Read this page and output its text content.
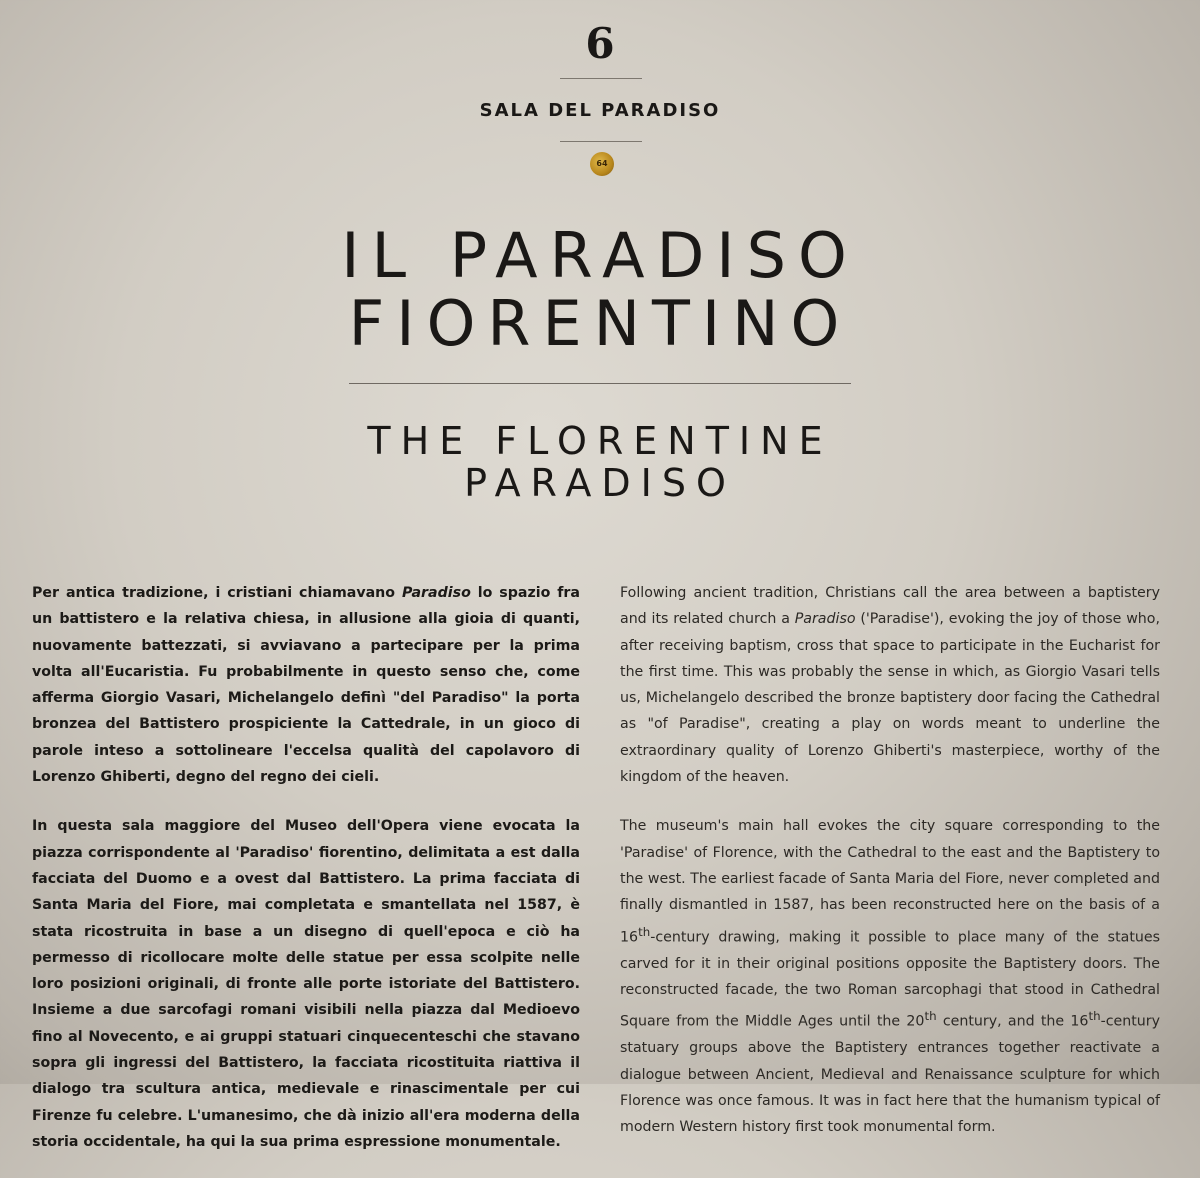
6
SALA DEL PARADISO
64
IL PARADISO
FIORENTINO
THE FLORENTINE
PARADISO

Per antica tradizione, i cristiani chiamavano Paradiso lo spazio fra un battistero e la relativa chiesa, in allusione alla gioia di quanti, nuovamente battezzati, si avviavano a partecipare per la prima volta all'Eucaristia. Fu probabilmente in questo senso che, come afferma Giorgio Vasari, Michelangelo definì "del Paradiso" la porta bronzea del Battistero prospiciente la Cattedrale, in un gioco di parole inteso a sottolineare l'eccelsa qualità del capolavoro di Lorenzo Ghiberti, degno del regno dei cieli.

In questa sala maggiore del Museo dell'Opera viene evocata la piazza corrispondente al 'Paradiso' fiorentino, delimitata a est dalla facciata del Duomo e a ovest dal Battistero. La prima facciata di Santa Maria del Fiore, mai completata e smantellata nel 1587, è stata ricostruita in base a un disegno di quell'epoca e ciò ha permesso di ricollocare molte delle statue per essa scolpite nelle loro posizioni originali, di fronte alle porte istoriate del Battistero. Insieme a due sarcofagi romani visibili nella piazza dal Medioevo fino al Novecento, e ai gruppi statuari cinquecenteschi che stavano sopra gli ingressi del Battistero, la facciata ricostituita riattiva il dialogo tra scultura antica, medievale e rinascimentale per cui Firenze fu celebre. L'umanesimo, che dà inizio all'era moderna della storia occidentale, ha qui la sua prima espressione monumentale.

Following ancient tradition, Christians call the area between a baptistery and its related church a Paradiso ('Paradise'), evoking the joy of those who, after receiving baptism, cross that space to participate in the Eucharist for the first time. This was probably the sense in which, as Giorgio Vasari tells us, Michelangelo described the bronze baptistery door facing the Cathedral as "of Paradise", creating a play on words meant to underline the extraordinary quality of Lorenzo Ghiberti's masterpiece, worthy of the kingdom of the heaven.

The museum's main hall evokes the city square corresponding to the 'Paradise' of Florence, with the Cathedral to the east and the Baptistery to the west. The earliest facade of Santa Maria del Fiore, never completed and finally dismantled in 1587, has been reconstructed here on the basis of a 16th-century drawing, making it possible to place many of the statues carved for it in their original positions opposite the Baptistery doors. The reconstructed facade, the two Roman sarcophagi that stood in Cathedral Square from the Middle Ages until the 20th century, and the 16th-century statuary groups above the Baptistery entrances together reactivate a dialogue between Ancient, Medieval and Renaissance sculpture for which Florence was once famous. It was in fact here that the humanism typical of modern Western history first took monumental form.
